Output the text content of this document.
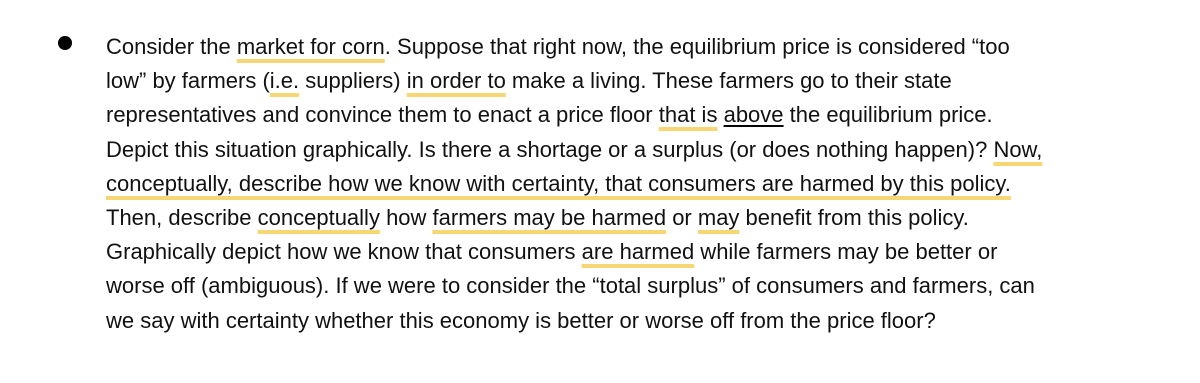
Consider the market for corn. Suppose that right now, the equilibrium price is considered “too
low” by farmers (i.e. suppliers) in order to make a living. These farmers go to their state
representatives and convince them to enact a price floor that is above the equilibrium price.
Depict this situation graphically. Is there a shortage or a surplus (or does nothing happen)? Now,
conceptually, describe how we know with certainty, that consumers are harmed by this policy.
Then, describe conceptually how farmers may be harmed or may benefit from this policy.
Graphically depict how we know that consumers are harmed while farmers may be better or
worse off (ambiguous). If we were to consider the “total surplus” of consumers and farmers, can
we say with certainty whether this economy is better or worse off from the price floor?
